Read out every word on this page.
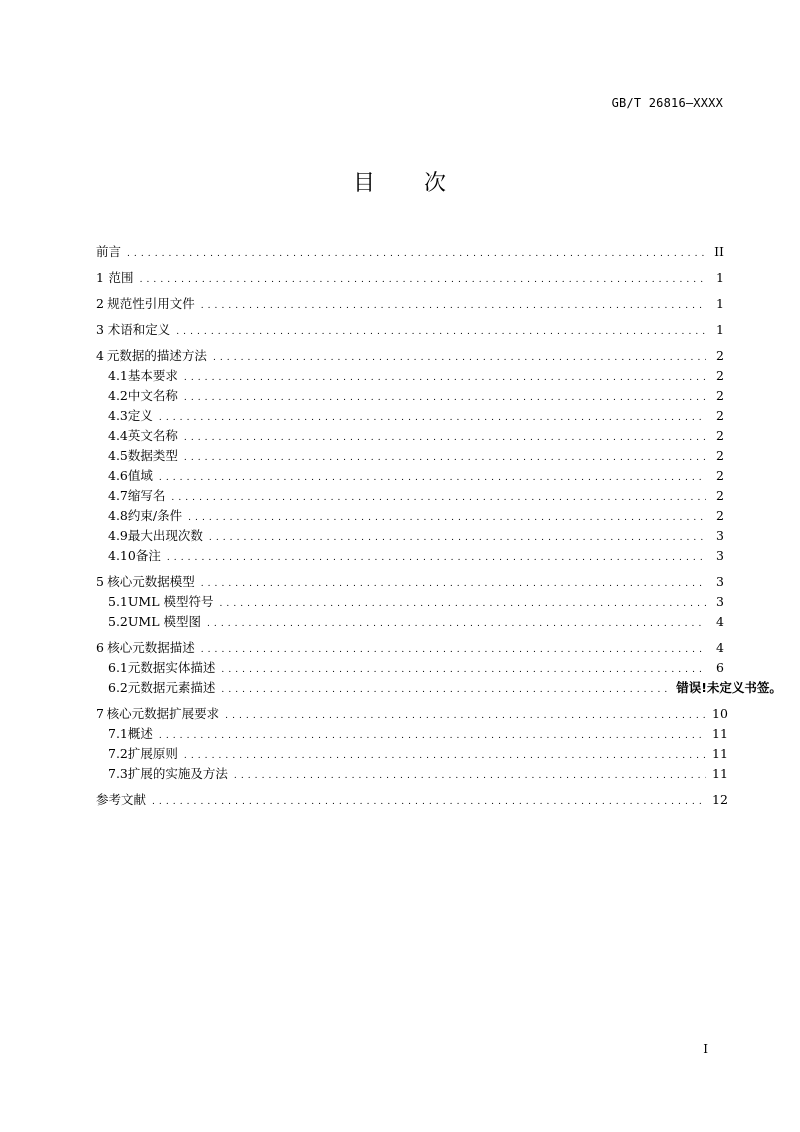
GB/T 26816—XXXX
目 次
前言 . . .	II
1 范围 . . .	1
2 规范性引用文件 . . .	1
3 术语和定义 . . .	1
4 元数据的描述方法 . . .	2
4.1 基本要求 . . .	2
4.2 中文名称 . . .	2
4.3 定义 . . .	2
4.4 英文名称 . . .	2
4.5 数据类型 . . .	2
4.6 值域 . . .	2
4.7 缩写名 . . .	2
4.8 约束/条件 . . .	2
4.9 最大出现次数 . . .	3
4.10 备注 . . .	3
5 核心元数据模型 . . .	3
5.1 UML 模型符号 . . .	3
5.2 UML 模型图 . . .	4
6 核心元数据描述 . . .	4
6.1 元数据实体描述 . . .	6
6.2 元数据元素描述 . . .	错误!未定义书签。
7 核心元数据扩展要求 . . .	10
7.1 概述 . . .	11
7.2 扩展原则 . . .	11
7.3 扩展的实施及方法 . . .	11
参考文献 . . .	12
I
